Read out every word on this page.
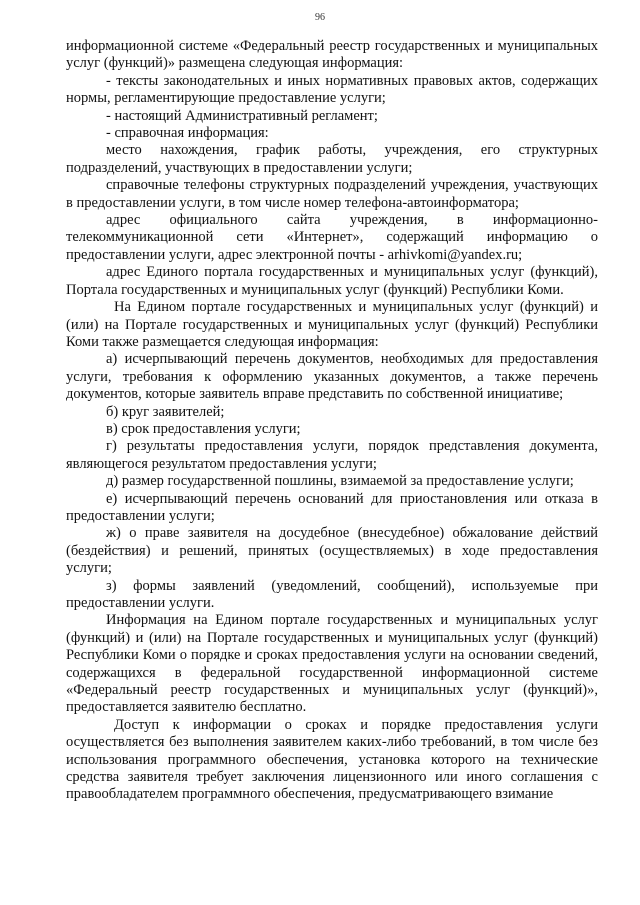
96

информационной системе «Федеральный реестр государственных и муниципальных услуг (функций)» размещена следующая информация:

- тексты законодательных и иных нормативных правовых актов, содержащих нормы, регламентирующие предоставление услуги;

- настоящий Административный регламент;

- справочная информация:

место нахождения, график работы, учреждения, его структурных подразделений, участвующих в предоставлении услуги;

справочные телефоны структурных подразделений учреждения, участвующих в предоставлении услуги, в том числе номер телефона-автоинформатора;

адрес официального сайта учреждения, в информационно-телекоммуникационной сети «Интернет», содержащий информацию о предоставлении услуги, адрес электронной почты - arhivkomi@yandex.ru;

адрес Единого портала государственных и муниципальных услуг (функций), Портала государственных и муниципальных услуг (функций) Республики Коми.

На Едином портале государственных и муниципальных услуг (функций) и (или) на Портале государственных и муниципальных услуг (функций) Республики Коми также размещается следующая информация:

а) исчерпывающий перечень документов, необходимых для предоставления услуги, требования к оформлению указанных документов, а также перечень документов, которые заявитель вправе представить по собственной инициативе;

б) круг заявителей;

в) срок предоставления услуги;

г) результаты предоставления услуги, порядок представления документа, являющегося результатом предоставления услуги;

д) размер государственной пошлины, взимаемой за предоставление услуги;

е) исчерпывающий перечень оснований для приостановления или отказа в предоставлении услуги;

ж) о праве заявителя на досудебное (внесудебное) обжалование действий (бездействия) и решений, принятых (осуществляемых) в ходе предоставления услуги;

з) формы заявлений (уведомлений, сообщений), используемые при предоставлении услуги.

Информация на Едином портале государственных и муниципальных услуг (функций) и (или) на Портале государственных и муниципальных услуг (функций) Республики Коми о порядке и сроках предоставления услуги на основании сведений, содержащихся в федеральной государственной информационной системе «Федеральный реестр государственных и муниципальных услуг (функций)», предоставляется заявителю бесплатно.

Доступ к информации о сроках и порядке предоставления услуги осуществляется без выполнения заявителем каких-либо требований, в том числе без использования программного обеспечения, установка которого на технические средства заявителя требует заключения лицензионного или иного соглашения с правообладателем программного обеспечения, предусматривающего взимание
